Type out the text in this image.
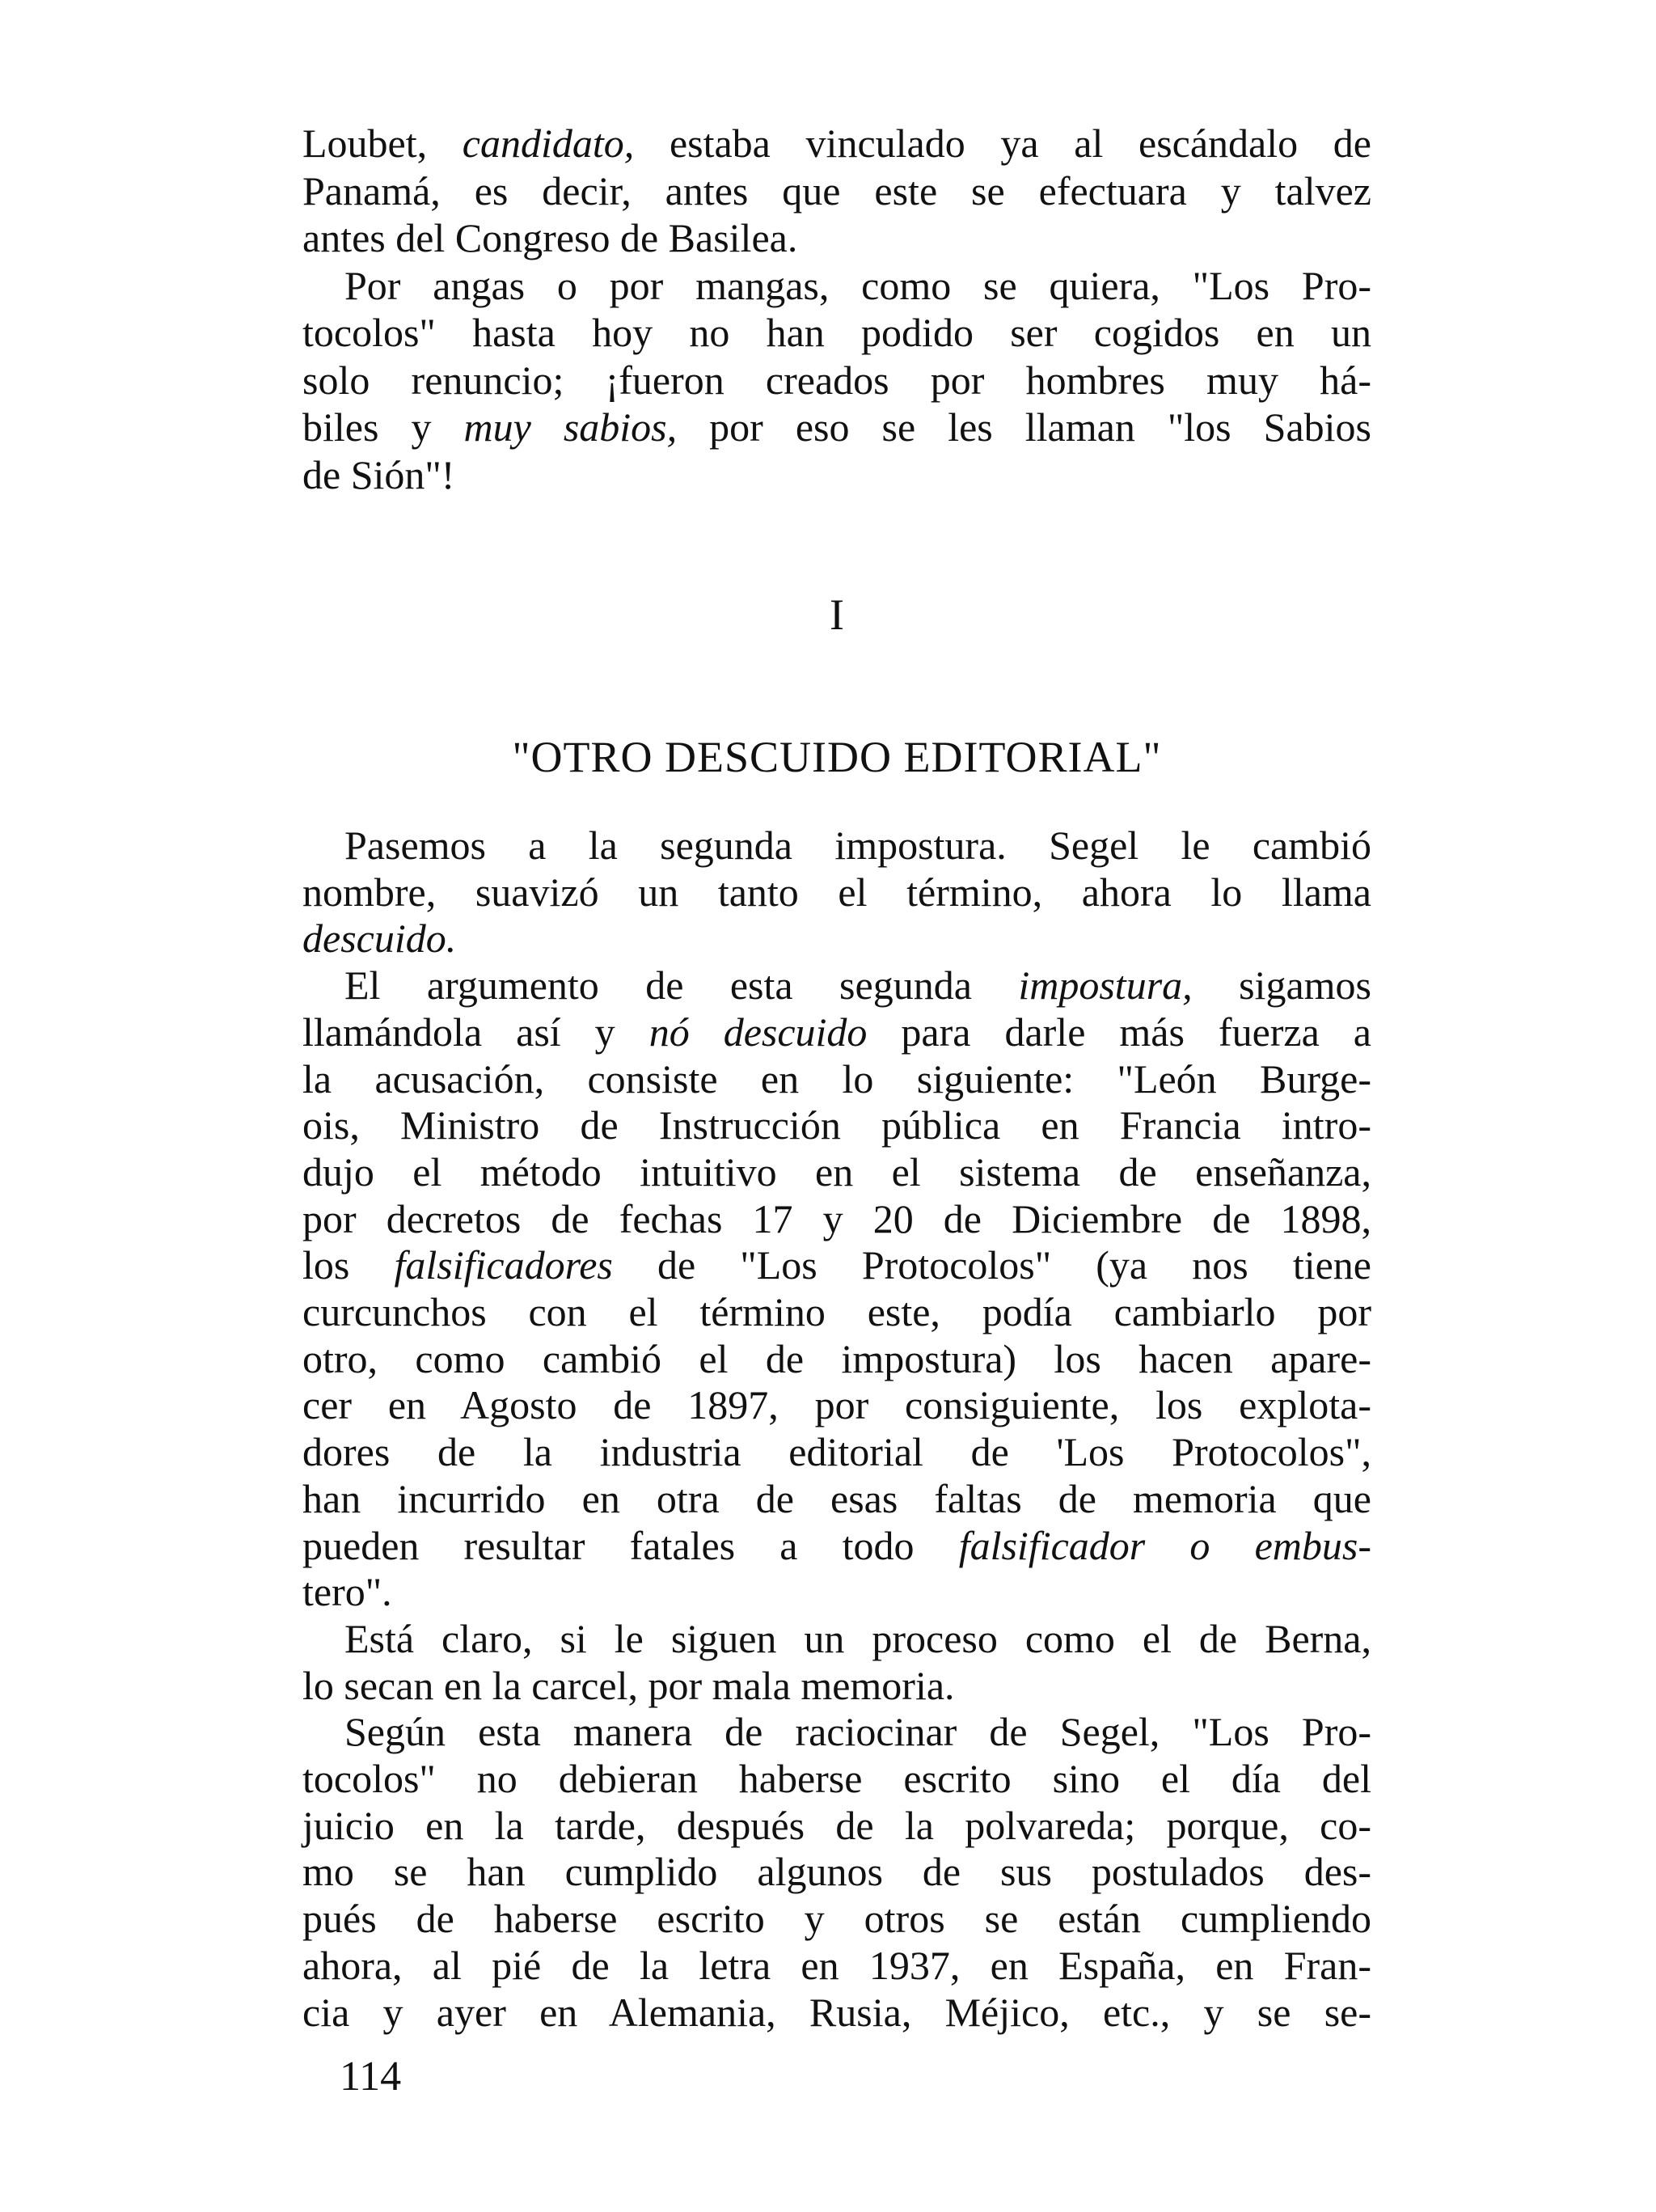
Loubet, candidato, estaba vinculado ya al escándalo de
Panamá, es decir, antes que este se efectuara y talvez
antes del Congreso de Basilea.
Por angas o por mangas, como se quiera, "Los Pro-
tocolos" hasta hoy no han podido ser cogidos en un
solo renuncio; ¡fueron creados por hombres muy há-
biles y muy sabios, por eso se les llaman "los Sabios
de Sión"!
I
"OTRO DESCUIDO EDITORIAL"
Pasemos a la segunda impostura. Segel le cambió
nombre, suavizó un tanto el término, ahora lo llama
descuido.
El argumento de esta segunda impostura, sigamos
llamándola así y nó descuido para darle más fuerza a
la acusación, consiste en lo siguiente: "León Burge-
ois, Ministro de Instrucción pública en Francia intro-
dujo el método intuitivo en el sistema de enseñanza,
por decretos de fechas 17 y 20 de Diciembre de 1898,
los falsificadores de "Los Protocolos" (ya nos tiene
curcunchos con el término este, podía cambiarlo por
otro, como cambió el de impostura) los hacen apare-
cer en Agosto de 1897, por consiguiente, los explota-
dores de la industria editorial de 'Los Protocolos",
han incurrido en otra de esas faltas de memoria que
pueden resultar fatales a todo falsificador o embus-
tero".
Está claro, si le siguen un proceso como el de Berna,
lo secan en la carcel, por mala memoria.
Según esta manera de raciocinar de Segel, "Los Pro-
tocolos" no debieran haberse escrito sino el día del
juicio en la tarde, después de la polvareda; porque, co-
mo se han cumplido algunos de sus postulados des-
pués de haberse escrito y otros se están cumpliendo
ahora, al pié de la letra en 1937, en España, en Fran-
cia y ayer en Alemania, Rusia, Méjico, etc., y se se-
114
